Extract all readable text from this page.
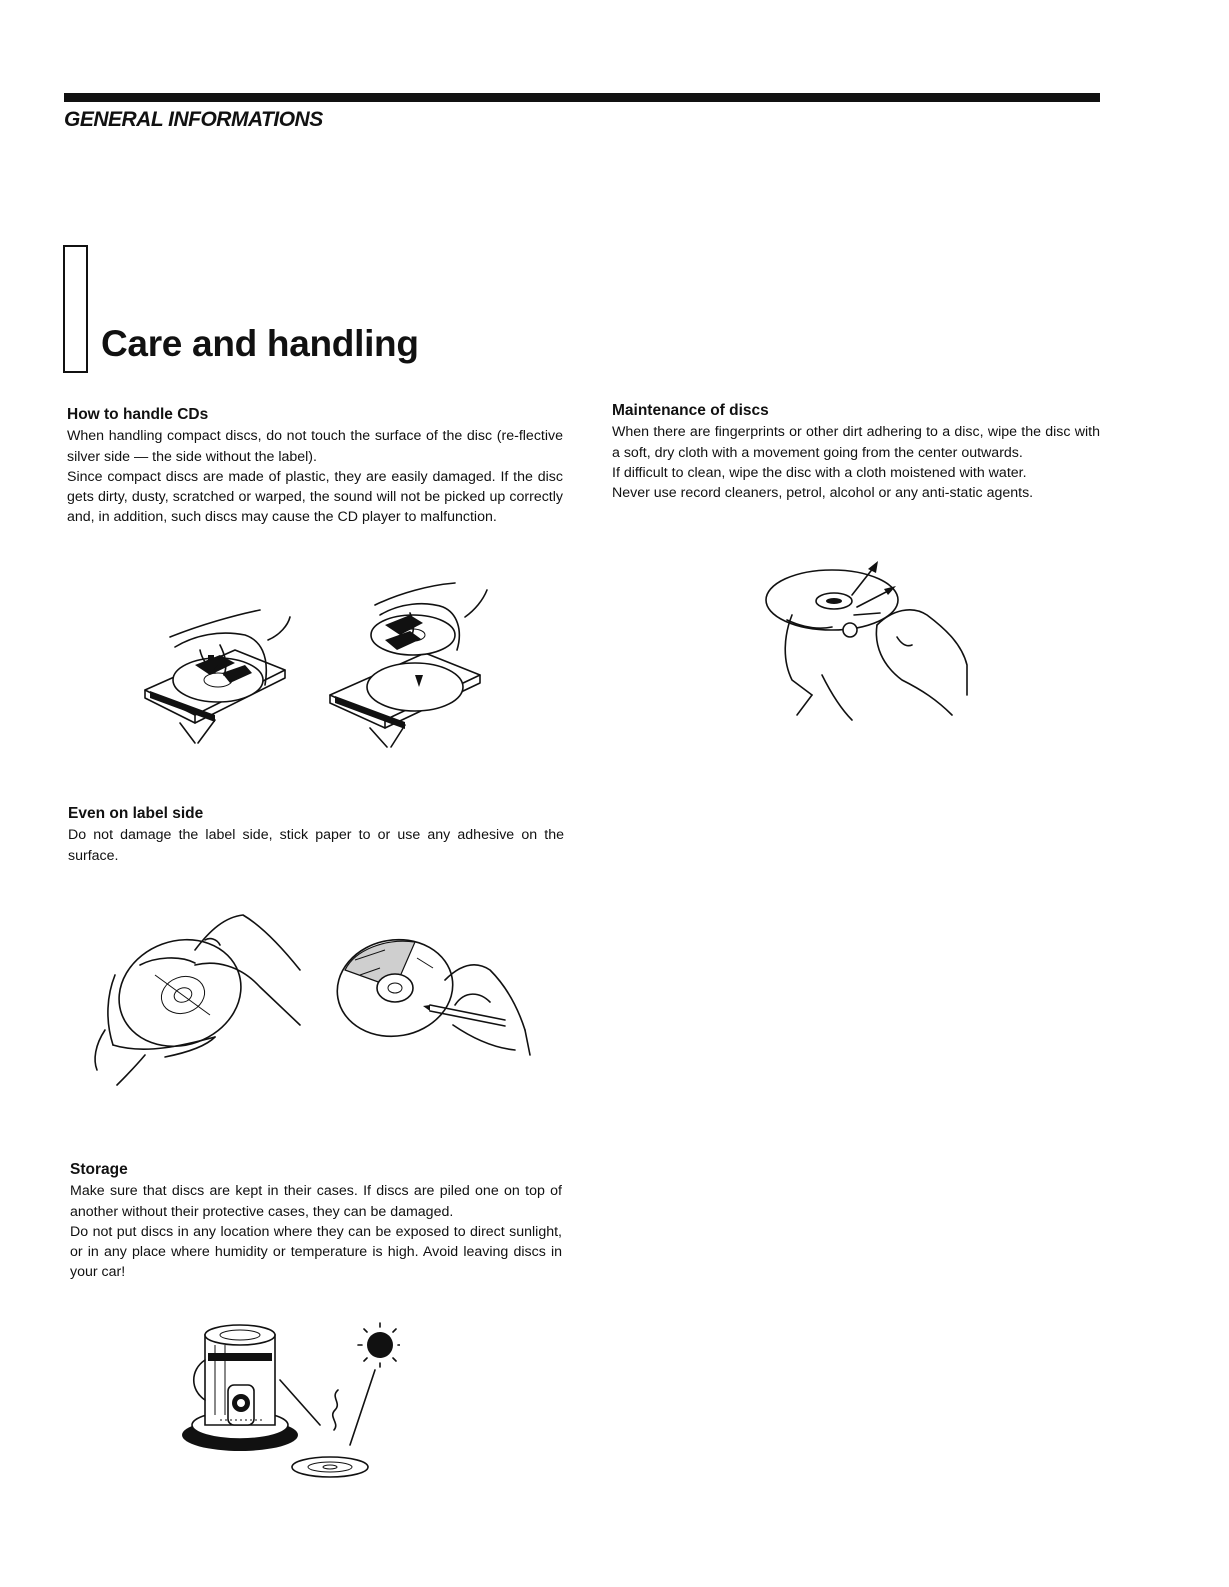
GENERAL INFORMATIONS
Care and handling
How to handle CDs

When handling compact discs, do not touch the surface of the disc (re-flective silver side — the side without the label).

Since compact discs are made of plastic, they are easily damaged. If the disc gets dirty, dusty, scratched or warped, the sound will not be picked up correctly and, in addition, such discs may cause the CD player to malfunction.

Maintenance of discs

When there are fingerprints or other dirt adhering to a disc, wipe the disc with a soft, dry cloth with a movement going from the center outwards.

If difficult to clean, wipe the disc with a cloth moistened with water.

Never use record cleaners, petrol, alcohol or any anti-static agents.

Even on label side

Do not damage the label side, stick paper to or use any adhesive on the surface.

Storage

Make sure that discs are kept in their cases. If discs are piled one on top of another without their protective cases, they can be damaged.

Do not put discs in any location where they can be exposed to direct sunlight, or in any place where humidity or temperature is high. Avoid leaving discs in your car!
